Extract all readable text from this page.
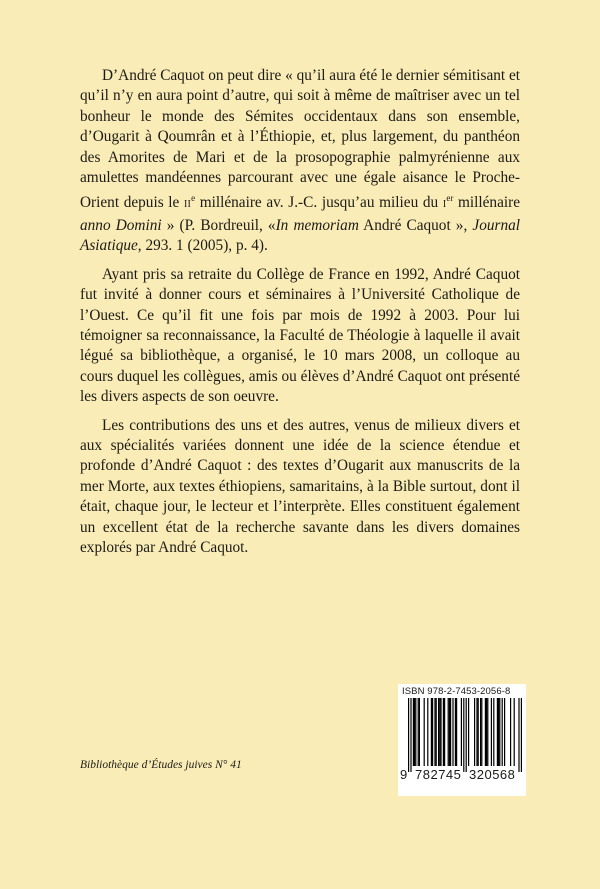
D’André Caquot on peut dire « qu’il aura été le dernier sémitisant et qu’il n’y en aura point d’autre, qui soit à même de maîtriser avec un tel bonheur le monde des Sémites occidentaux dans son ensemble, d’Ougarit à Qoumrân et à l’Éthiopie, et, plus largement, du panthéon des Amorites de Mari et de la prosopographie palmyrénienne aux amulettes mandéennes parcourant avec une égale aisance le Proche-Orient depuis le IIe millénaire av. J.-C. jusqu’au milieu du Ier millénaire anno Domini » (P. Bordreuil, «In memoriam André Caquot », Journal Asiatique, 293. 1 (2005), p. 4).

Ayant pris sa retraite du Collège de France en 1992, André Caquot fut invité à donner cours et séminaires à l’Université Catholique de l’Ouest. Ce qu’il fit une fois par mois de 1992 à 2003. Pour lui témoigner sa reconnaissance, la Faculté de Théologie à laquelle il avait légué sa bibliothèque, a organisé, le 10 mars 2008, un colloque au cours duquel les collègues, amis ou élèves d’André Caquot ont présenté les divers aspects de son oeuvre.

Les contributions des uns et des autres, venus de milieux divers et aux spécialités variées donnent une idée de la science étendue et profonde d’André Caquot : des textes d’Ougarit aux manuscrits de la mer Morte, aux textes éthiopiens, samaritains, à la Bible surtout, dont il était, chaque jour, le lecteur et l’interprète. Elles constituent également un excellent état de la recherche savante dans les divers domaines explorés par André Caquot.

Bibliothèque d’Études juives N° 41
ISBN 978-2-7453-2056-8
9 782745 320568
